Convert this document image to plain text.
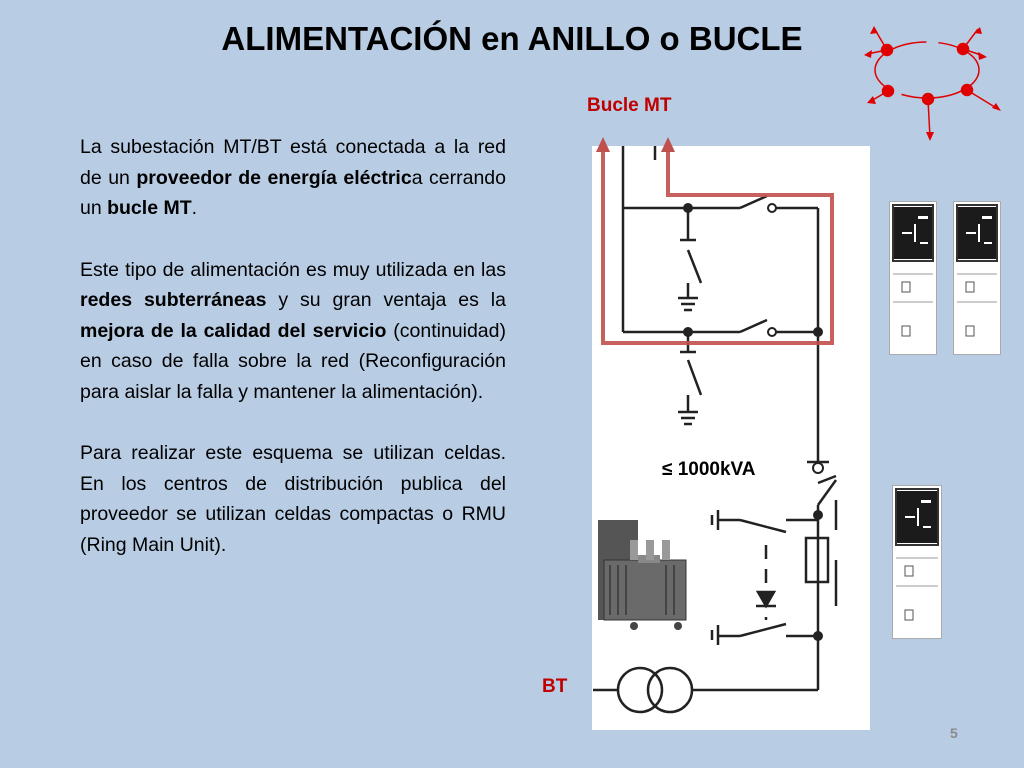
ALIMENTACIÓN en ANILLO o BUCLE

La subestación MT/BT está conectada a la red de un proveedor de energía eléctrica cerrando un bucle MT.

Este tipo de alimentación es muy utilizada en las redes subterráneas y su gran ventaja es la mejora de la calidad del servicio (continuidad) en caso de falla sobre la red (Reconfiguración para aislar la falla y mantener la alimentación).

Para realizar este esquema se utilizan celdas. En los centros de distribución publica del proveedor se utilizan celdas compactas o RMU (Ring Main Unit).

Bucle MT
≤ 1000kVA
BT
5
